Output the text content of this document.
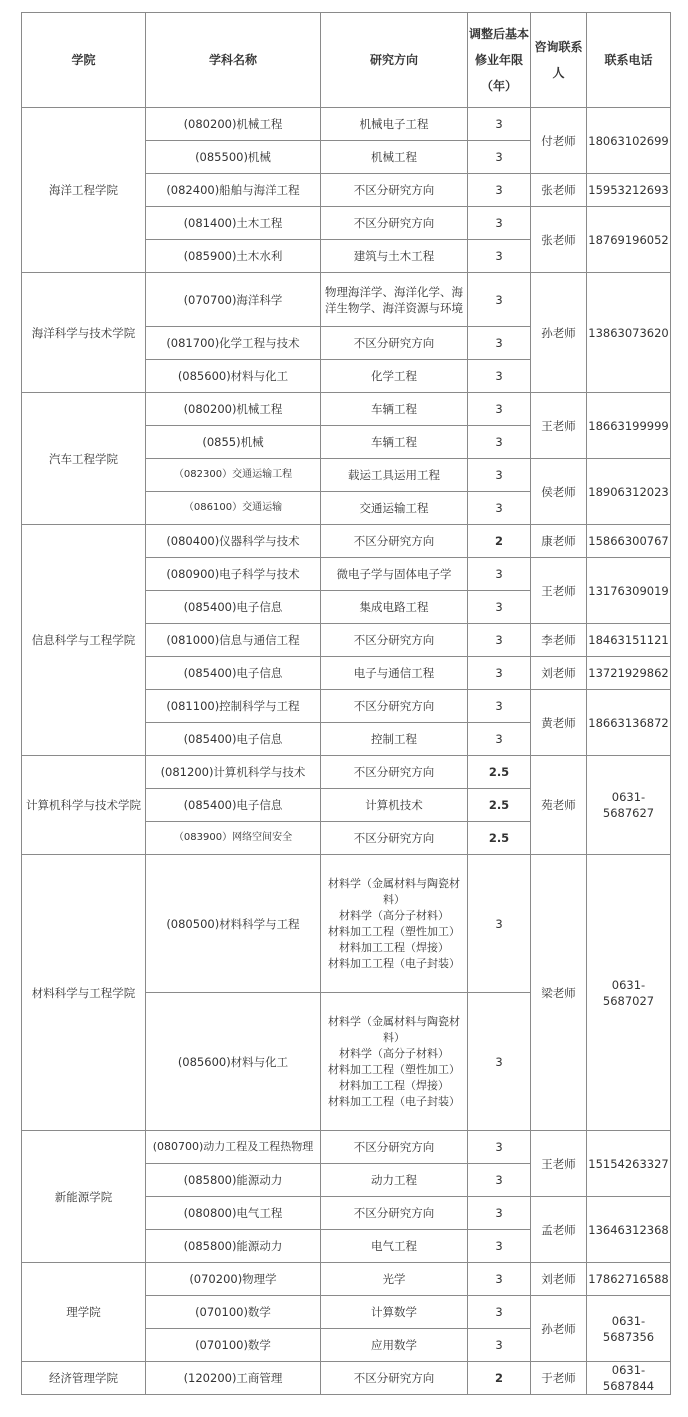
学院	学科名称	研究方向	调整后基本修业年限（年）	咨询联系人	联系电话
海洋工程学院	(080200)机械工程	机械电子工程	3	付老师	18063102699
	(085500)机械	机械工程	3		
	(082400)船舶与海洋工程	不区分研究方向	3	张老师	15953212693
	(081400)土木工程	不区分研究方向	3	张老师	18769196052
	(085900)土木水利	建筑与土木工程	3		
海洋科学与技术学院	(070700)海洋科学	物理海洋学、海洋化学、海洋生物学、海洋资源与环境	3	孙老师	13863073620
	(081700)化学工程与技术	不区分研究方向	3		
	(085600)材料与化工	化学工程	3		
汽车工程学院	(080200)机械工程	车辆工程	3	王老师	18663199999
	(0855)机械	车辆工程	3		
	（082300）交通运输工程	载运工具运用工程	3	侯老师	18906312023
	（086100）交通运输	交通运输工程	3		
信息科学与工程学院	(080400)仪器科学与技术	不区分研究方向	2	康老师	15866300767
	(080900)电子科学与技术	微电子学与固体电子学	3	王老师	13176309019
	(085400)电子信息	集成电路工程	3		
	(081000)信息与通信工程	不区分研究方向	3	李老师	18463151121
	(085400)电子信息	电子与通信工程	3	刘老师	13721929862
	(081100)控制科学与工程	不区分研究方向	3	黄老师	18663136872
	(085400)电子信息	控制工程	3		
计算机科学与技术学院	(081200)计算机科学与技术	不区分研究方向	2.5	苑老师	0631-5687627
	(085400)电子信息	计算机技术	2.5		
	（083900）网络空间安全	不区分研究方向	2.5		
材料科学与工程学院	(080500)材料科学与工程	材料学（金属材料与陶瓷材料）
材料学（高分子材料）
材料加工工程（塑性加工）
材料加工工程（焊接）
材料加工工程（电子封装）	3	梁老师	0631-5687027
	(085600)材料与化工	材料学（金属材料与陶瓷材料）
材料学（高分子材料）
材料加工工程（塑性加工）
材料加工工程（焊接）
材料加工工程（电子封装）	3		
新能源学院	(080700)动力工程及工程热物理	不区分研究方向	3	王老师	15154263327
	(085800)能源动力	动力工程	3		
	(080800)电气工程	不区分研究方向	3	孟老师	13646312368
	(085800)能源动力	电气工程	3		
理学院	(070200)物理学	光学	3	刘老师	17862716588
	(070100)数学	计算数学	3	孙老师	0631-5687356
	(070100)数学	应用数学	3		
经济管理学院	(120200)工商管理	不区分研究方向	2	于老师	0631-5687844
